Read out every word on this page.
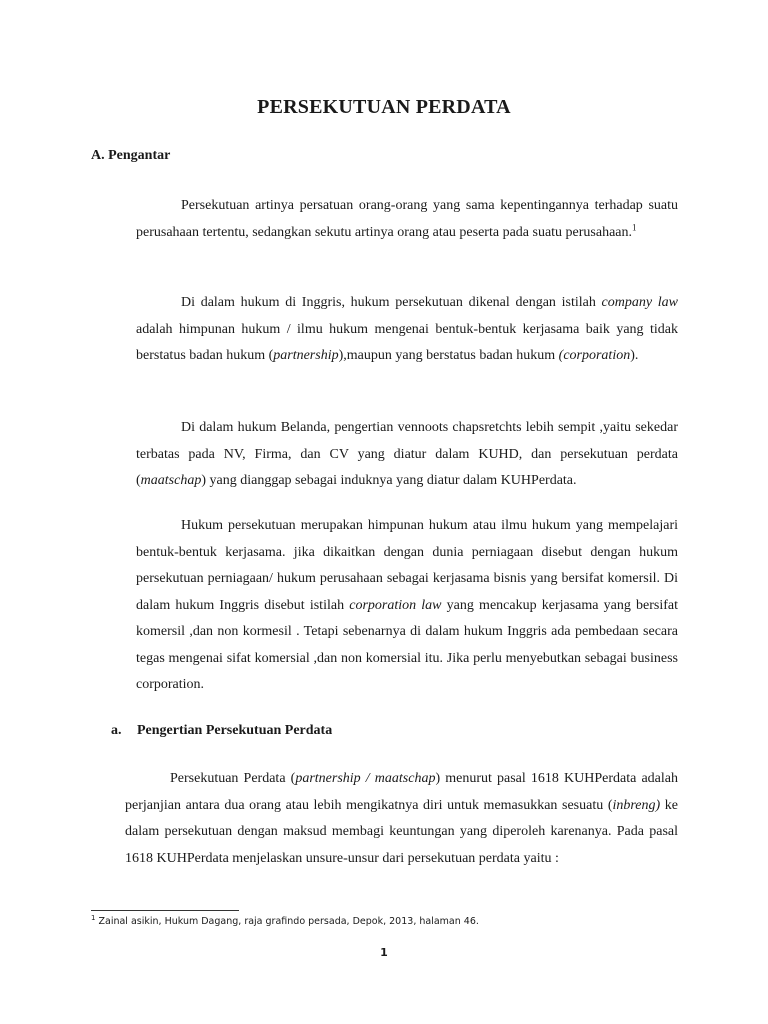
PERSEKUTUAN PERDATA
A. Pengantar

Persekutuan artinya persatuan orang-orang yang sama kepentingannya terhadap suatu perusahaan tertentu, sedangkan sekutu artinya orang atau peserta pada suatu perusahaan.$^1$

Di dalam hukum di Inggris, hukum persekutuan dikenal dengan istilah company law adalah himpunan hukum / ilmu hukum mengenai bentuk-bentuk kerjasama baik yang tidak berstatus badan hukum (partnership),maupun yang berstatus badan hukum (corporation).

Di dalam hukum Belanda, pengertian vennoots chapsretchts lebih sempit ,yaitu sekedar terbatas pada NV, Firma, dan CV yang diatur dalam KUHD, dan persekutuan perdata (maatschap) yang dianggap sebagai induknya yang diatur dalam KUHPerdata.

Hukum persekutuan merupakan himpunan hukum atau ilmu hukum yang mempelajari bentuk-bentuk kerjasama. jika dikaitkan dengan dunia perniagaan disebut dengan hukum persekutuan perniagaan/ hukum perusahaan sebagai kerjasama bisnis yang bersifat komersil. Di dalam hukum Inggris disebut istilah corporation law yang mencakup kerjasama yang bersifat komersil ,dan non kormesil . Tetapi sebenarnya di dalam hukum Inggris ada pembedaan secara tegas mengenai sifat komersial ,dan non komersial itu. Jika perlu menyebutkan sebagai business corporation.

a. Pengertian Persekutuan Perdata

Persekutuan Perdata (partnership / maatschap) menurut pasal 1618 KUHPerdata adalah perjanjian antara dua orang atau lebih mengikatnya diri untuk memasukkan sesuatu (inbreng) ke dalam persekutuan dengan maksud membagi keuntungan yang diperoleh karenanya. Pada pasal 1618 KUHPerdata menjelaskan unsure-unsur dari persekutuan perdata yaitu :

$^1$ Zainal asikin, Hukum Dagang, raja grafindo persada, Depok, 2013, halaman 46.
1
